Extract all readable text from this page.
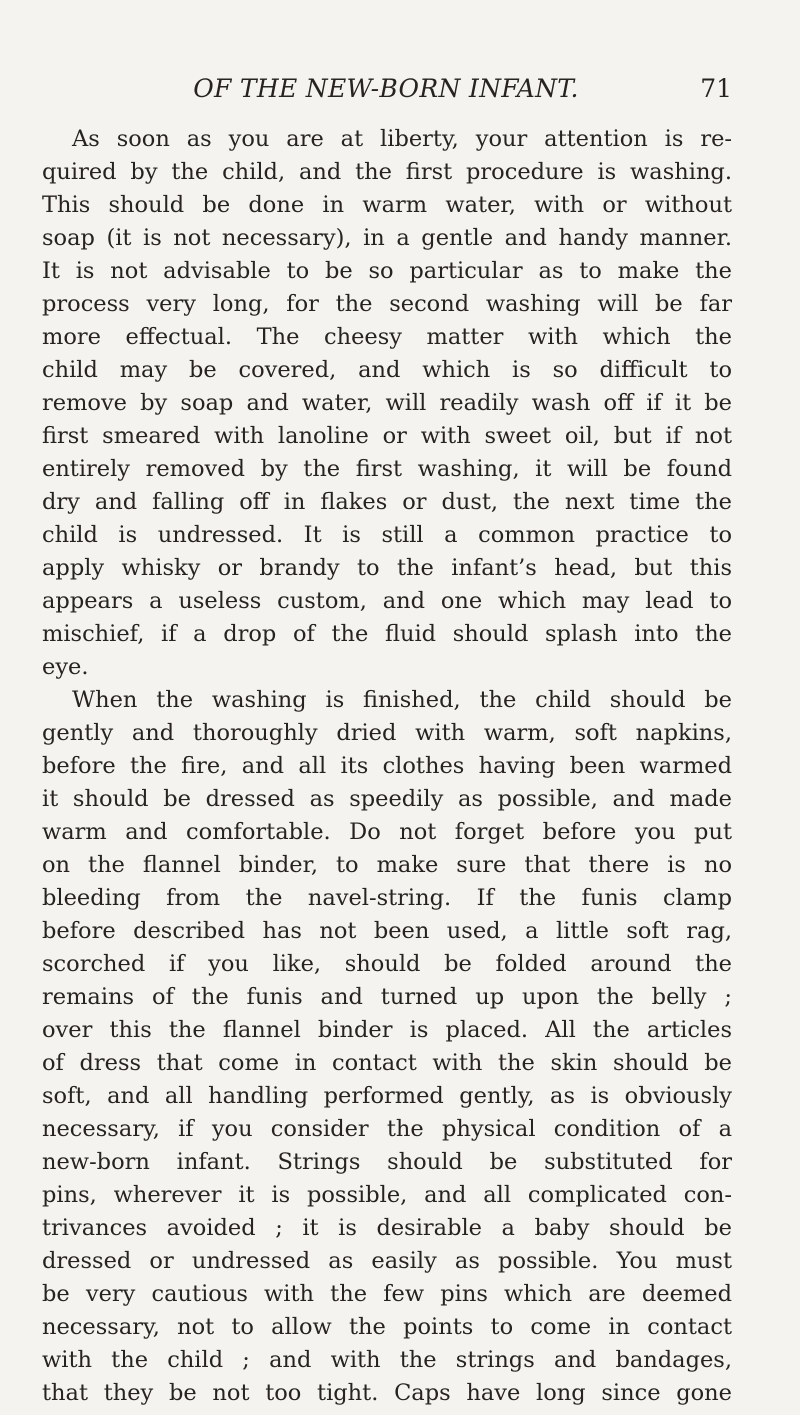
OF THE NEW-BORN INFANT.	71
As soon as you are at liberty, your attention is re-
quired by the child, and the first procedure is washing.
This should be done in warm water, with or without
soap (it is not necessary), in a gentle and handy manner.
It is not advisable to be so particular as to make the
process very long, for the second washing will be far
more effectual. The cheesy matter with which the
child may be covered, and which is so difficult to
remove by soap and water, will readily wash off if it be
first smeared with lanoline or with sweet oil, but if not
entirely removed by the first washing, it will be found
dry and falling off in flakes or dust, the next time the
child is undressed. It is still a common practice to
apply whisky or brandy to the infant’s head, but this
appears a useless custom, and one which may lead to
mischief, if a drop of the fluid should splash into the
eye.
When the washing is finished, the child should be
gently and thoroughly dried with warm, soft napkins,
before the fire, and all its clothes having been warmed
it should be dressed as speedily as possible, and made
warm and comfortable. Do not forget before you put
on the flannel binder, to make sure that there is no
bleeding from the navel-string. If the funis clamp
before described has not been used, a little soft rag,
scorched if you like, should be folded around the
remains of the funis and turned up upon the belly ;
over this the flannel binder is placed. All the articles
of dress that come in contact with the skin should be
soft, and all handling performed gently, as is obviously
necessary, if you consider the physical condition of a
new-born infant. Strings should be substituted for
pins, wherever it is possible, and all complicated con-
trivances avoided ; it is desirable a baby should be
dressed or undressed as easily as possible. You must
be very cautious with the few pins which are deemed
necessary, not to allow the points to come in contact
with the child ; and with the strings and bandages,
that they be not too tight. Caps have long since gone
